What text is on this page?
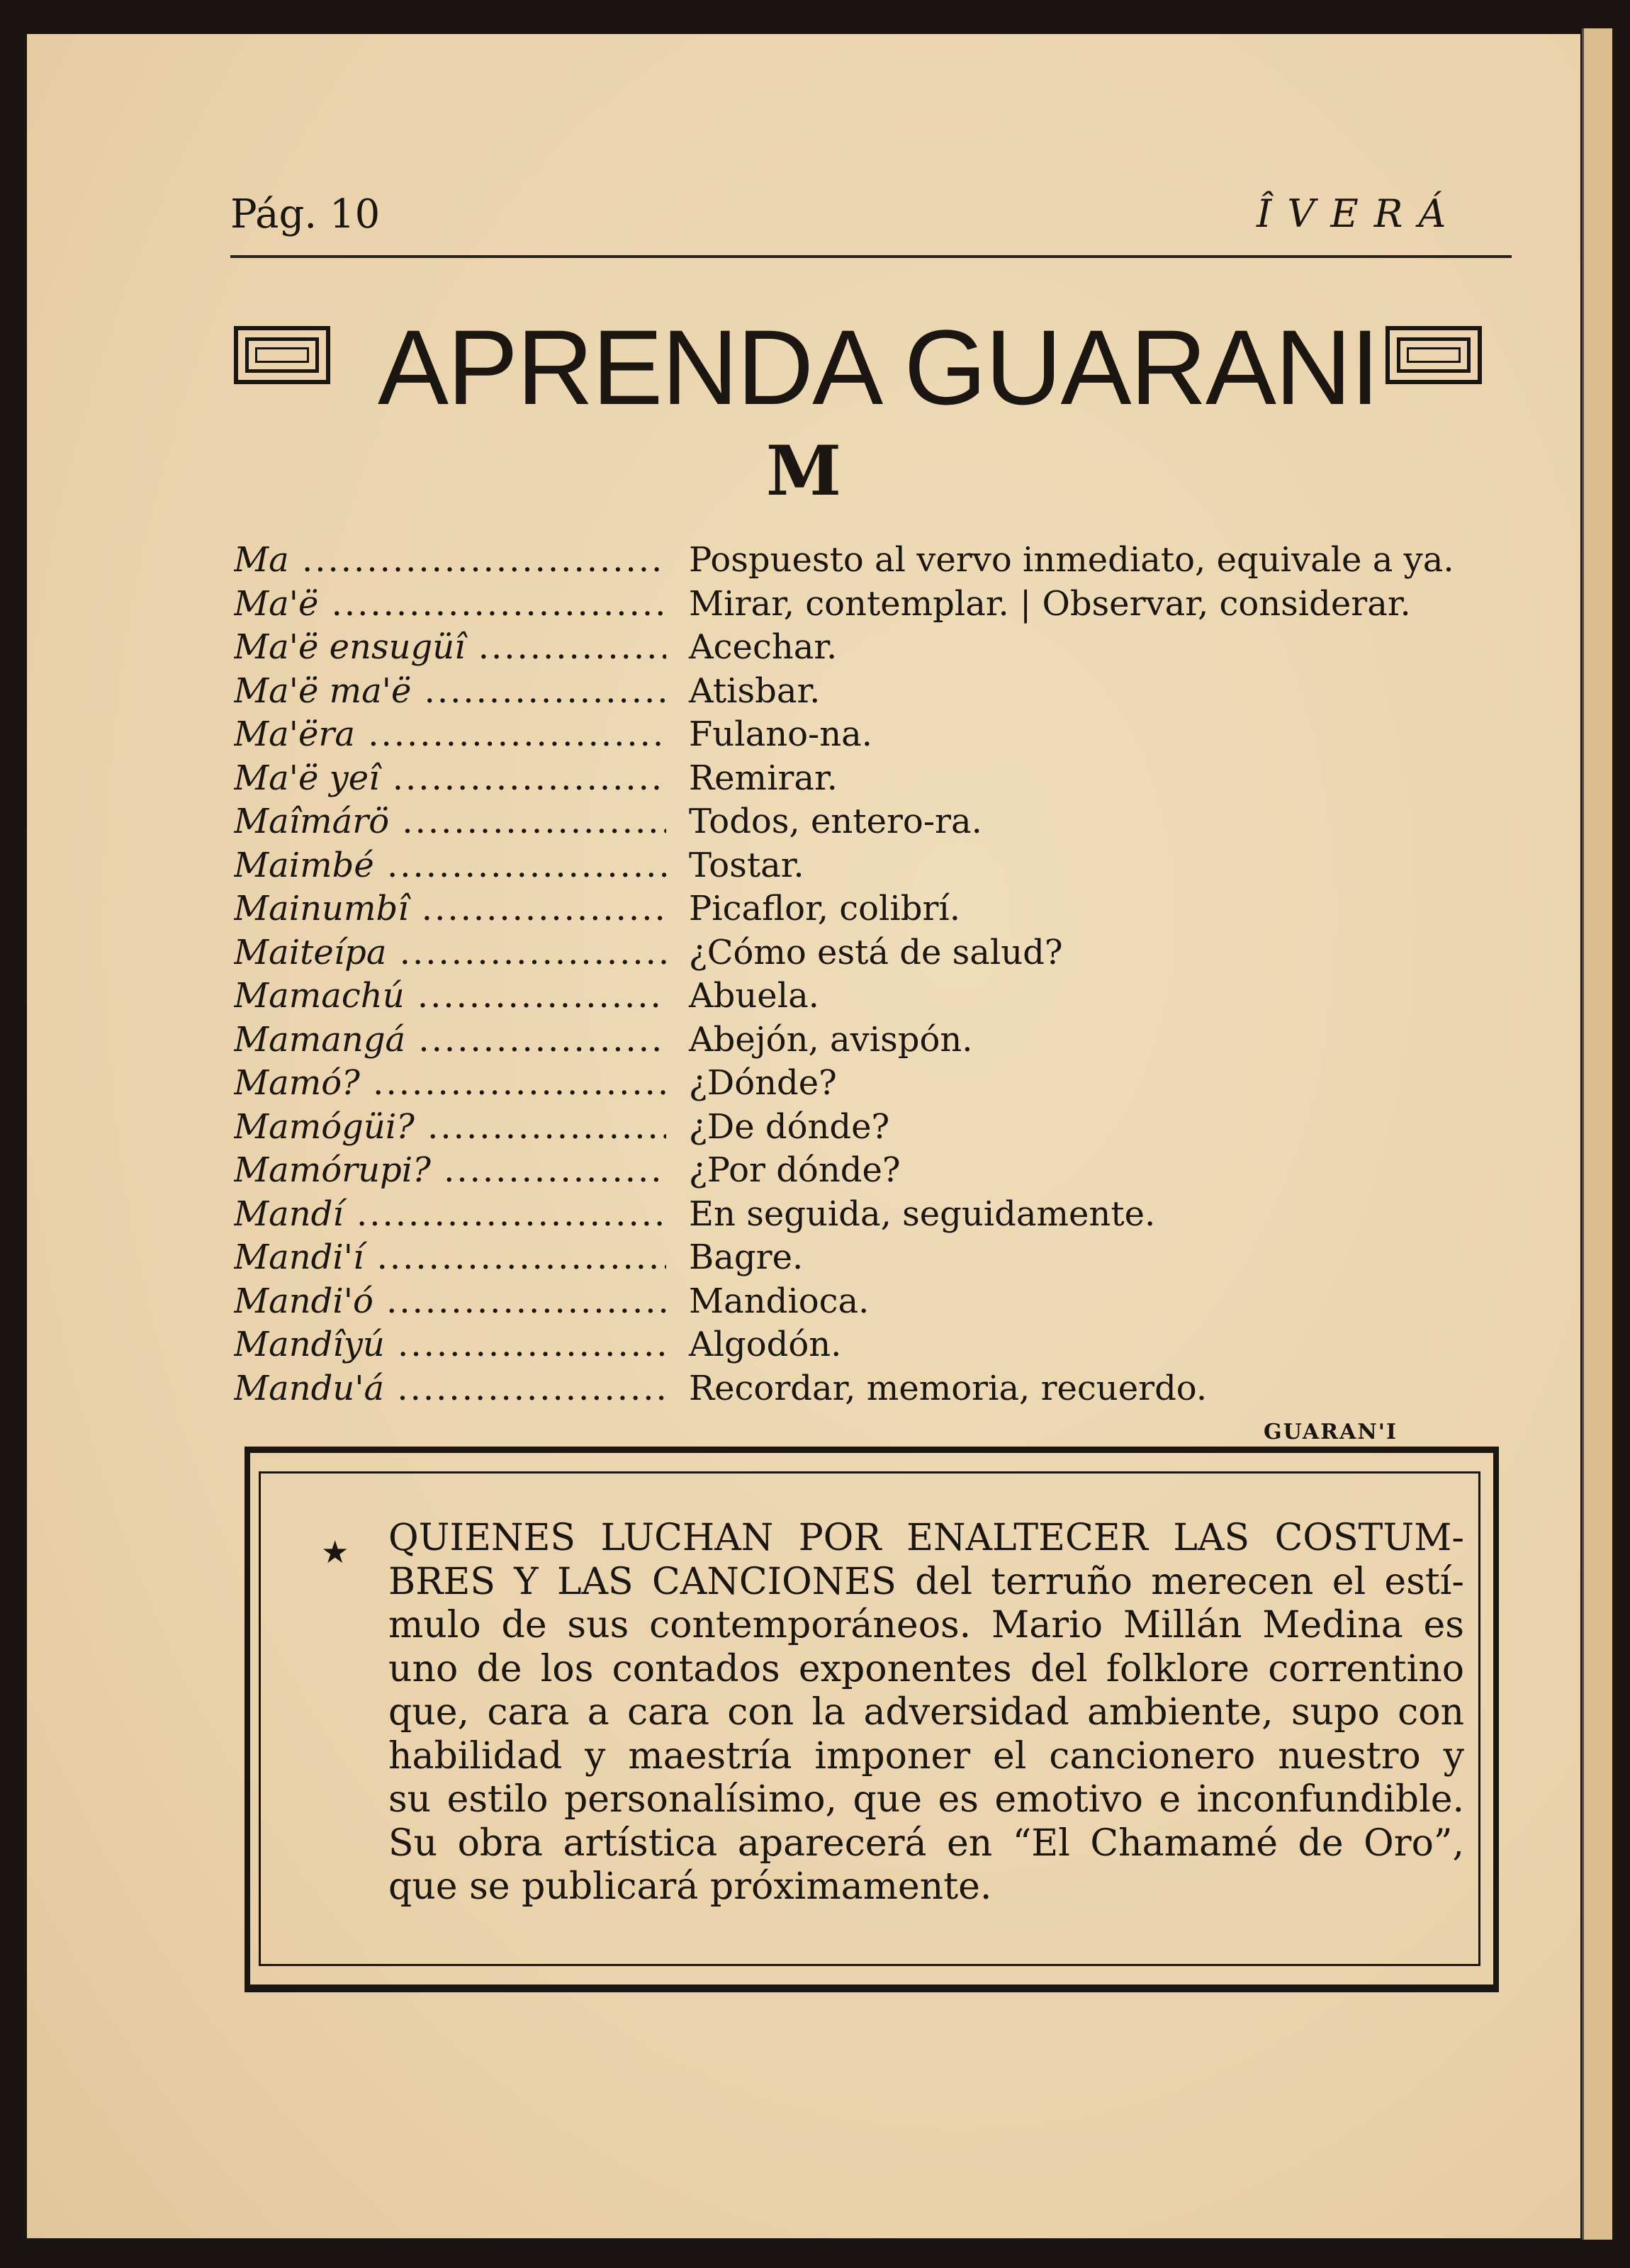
Pág. 10	ÎVERÁ
APRENDA GUARANI
M
Ma .....	Pospuesto al vervo inmediato, equivale a ya.
Ma'ë .....	Mirar, contemplar. | Observar, considerar.
Ma'ë ensugüî .....	Acechar.
Ma'ë ma'ë .....	Atisbar.
Ma'ëra .....	Fulano-na.
Ma'ë yeî .....	Remirar.
Maîmárö .....	Todos, entero-ra.
Maimbé .....	Tostar.
Mainumbî .....	Picaflor, colibrí.
Maiteípa .....	¿Cómo está de salud?
Mamachú .....	Abuela.
Mamangá .....	Abejón, avispón.
Mamó? .....	¿Dónde?
Mamógüi? .....	¿De dónde?
Mamórupi? .....	¿Por dónde?
Mandí .....	En seguida, seguidamente.
Mandi'í .....	Bagre.
Mandi'ó .....	Mandioca.
Mandîyú .....	Algodón.
Mandu'á .....	Recordar, memoria, recuerdo.
GUARAN'I
★ QUIENES LUCHAN POR ENALTECER LAS COSTUM-
BRES Y LAS CANCIONES del terruño merecen el estí-
mulo de sus contemporáneos. Mario Millán Medina es
uno de los contados exponentes del folklore correntino
que, cara a cara con la adversidad ambiente, supo con
habilidad y maestría imponer el cancionero nuestro y
su estilo personalísimo, que es emotivo e inconfundible.
Su obra artística aparecerá en “El Chamamé de Oro”,
que se publicará próximamente.
